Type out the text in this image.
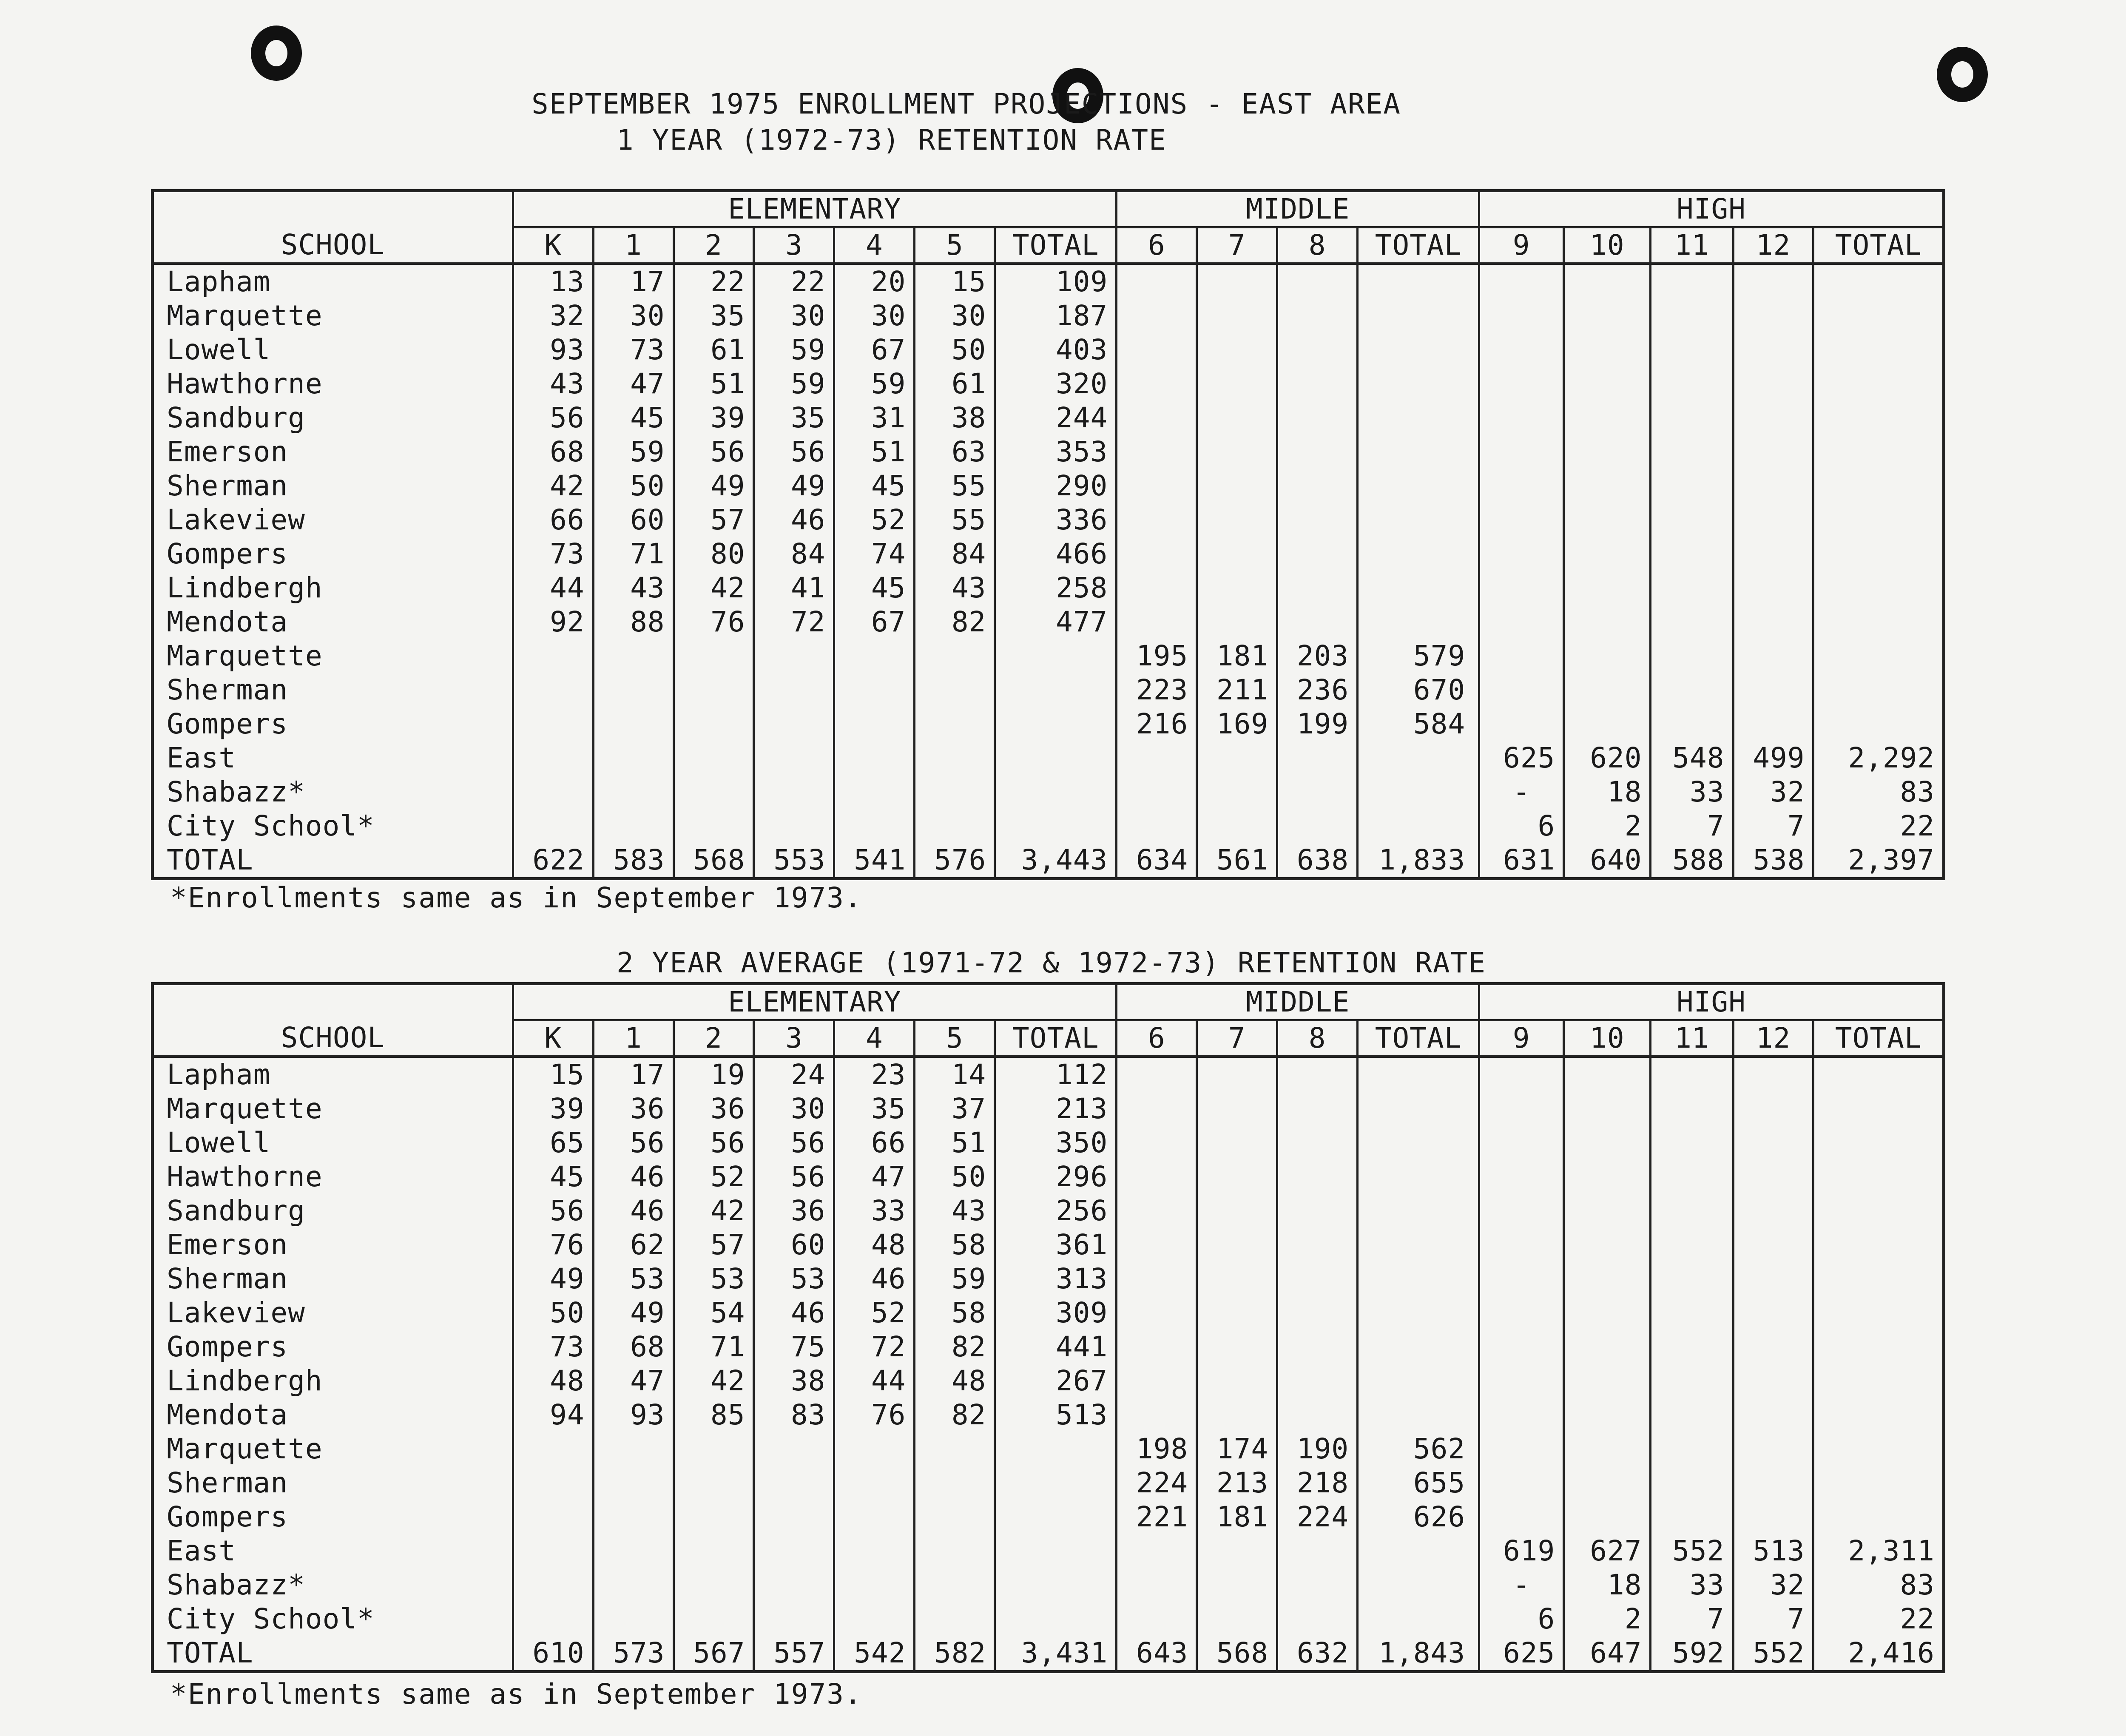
SEPTEMBER 1975 ENROLLMENT PROJECTIONS - EAST AREA
1 YEAR (1972-73) RETENTION RATE
	ELEMENTARY							MIDDLE				HIGH				
SCHOOL	K	1	2	3	4	5	TOTAL	6	7	8	TOTAL	9	10	11	12	TOTAL
Lapham	13	17	22	22	20	15	109									
Marquette	32	30	35	30	30	30	187									
Lowell	93	73	61	59	67	50	403									
Hawthorne	43	47	51	59	59	61	320									
Sandburg	56	45	39	35	31	38	244									
Emerson	68	59	56	56	51	63	353									
Sherman	42	50	49	49	45	55	290									
Lakeview	66	60	57	46	52	55	336									
Gompers	73	71	80	84	74	84	466									
Lindbergh	44	43	42	41	45	43	258									
Mendota	92	88	76	72	67	82	477									
Marquette								195	181	203	579					
Sherman								223	211	236	670					
Gompers								216	169	199	584					
East												625	620	548	499	2,292
Shabazz*												-	18	33	32	83
City School*												6	2	7	7	22
TOTAL	622	583	568	553	541	576	3,443	634	561	638	1,833	631	640	588	538	2,397
*Enrollments same as in September 1973.
2 YEAR AVERAGE (1971-72 & 1972-73) RETENTION RATE
	ELEMENTARY							MIDDLE				HIGH				
SCHOOL	K	1	2	3	4	5	TOTAL	6	7	8	TOTAL	9	10	11	12	TOTAL
Lapham	15	17	19	24	23	14	112									
Marquette	39	36	36	30	35	37	213									
Lowell	65	56	56	56	66	51	350									
Hawthorne	45	46	52	56	47	50	296									
Sandburg	56	46	42	36	33	43	256									
Emerson	76	62	57	60	48	58	361									
Sherman	49	53	53	53	46	59	313									
Lakeview	50	49	54	46	52	58	309									
Gompers	73	68	71	75	72	82	441									
Lindbergh	48	47	42	38	44	48	267									
Mendota	94	93	85	83	76	82	513									
Marquette								198	174	190	562					
Sherman								224	213	218	655					
Gompers								221	181	224	626					
East												619	627	552	513	2,311
Shabazz*												-	18	33	32	83
City School*												6	2	7	7	22
TOTAL	610	573	567	557	542	582	3,431	643	568	632	1,843	625	647	592	552	2,416
*Enrollments same as in September 1973.
